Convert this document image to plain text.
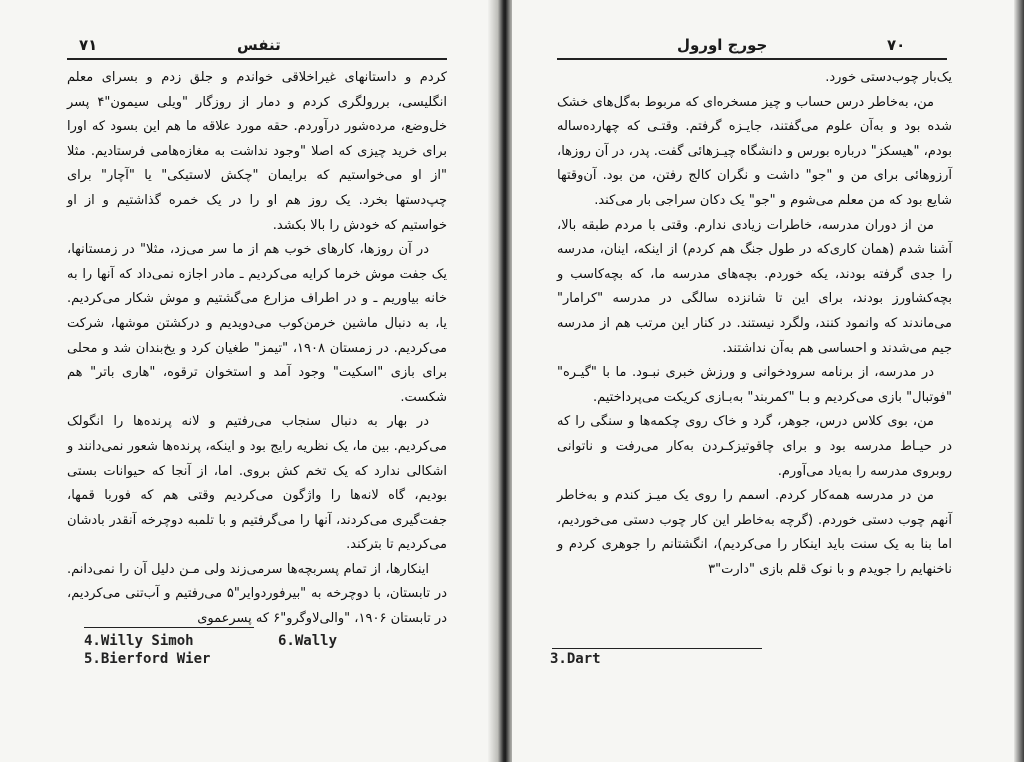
۷۱	تنفس

کردم و داستانهای غیراخلاقی خواندم و جلق زدم و بسرای معلم انگلیسی، بررولگری کردم و دمار از روزگار "ویلی سیمون"۴ پسر خل‌وضع، مرده‌شور درآوردم. حقه مورد علاقه ما هم این بسود که اورا برای خرید چیزی که اصلا "وجود نداشت به مغازه‌هامی فرستادیم. مثلا "از او می‌خواستیم که برایمان "چکش لاستیکی" یا "آچار" برای چپ‌دستها بخرد. یک روز هم او را در یک خمره گذاشتیم و از او خواستیم که خودش را بالا بکشد.

در آن روزها، کارهای خوب هم از ما سر می‌زد، مثلا" در زمستانها، یک جفت موش خرما کرایه می‌کردیم ـ مادر اجازه نمی‌داد که آنها را به خانه بیاوریم ـ و در اطراف مزارع می‌گشتیم و موش شکار می‌کردیم. یا، به دنبال ماشین خرمن‌کوب می‌دویدیم و درکشتن موشها، شرکت می‌کردیم. در زمستان ۱۹۰۸، "تیمز" طغیان کرد و یخ‌بندان شد و محلی برای بازی "اسکیت" وجود آمد و استخوان ترقوه، "هاری باتر" هم شکست.

در بهار به دنبال سنجاب می‌رفتیم و لانه پرنده‌ها را انگولک می‌کردیم. بین ما، یک نظریه رایج بود و اینکه، پرنده‌ها شعور نمی‌دانند و اشکالی ندارد که یک تخم کش بروی. اما، از آنجا که حیوانات بستی بودیم، گاه لانه‌ها را واژگون می‌کردیم وقتی هم که فوربا قمها، جفت‌گیری می‌کردند، آنها را می‌گرفتیم و با تلمبه دوچرخه آنقدر بادشان می‌کردیم تا بترکند.

اینکارها، از تمام پسربچه‌ها سرمی‌زند ولی مـن دلیل آن را نمی‌دانم. در تابستان، با دوچرخه به "بیرفوردوایر"۵ می‌رفتیم و آب‌تنی می‌کردیم، در تابستان ۱۹۰۶، "والی‌لاوگرو"۶ که پسرعموی

4.Willy Simoh	6.Wally
5.Bierford Wier
جورج اورول	۷۰

یک‌بار چوب‌دستی خورد.

من، به‌خاطر درس حساب و چیز مسخره‌ای که مربوط به‌گل‌های خشک شده بود و به‌آن علوم می‌گفتند، جایـزه گرفتم. وقتـی که چهارده‌ساله بودم، "هیسکز" درباره بورس و دانشگاه چیـزهائی گفت. پدر، در آن روزها، آرزوهائی برای من و "جو" داشت و نگران کالج رفتن، من بود. آن‌وقتها شایع بود که من معلم می‌شوم و "جو" یک دکان سراجی بار می‌کند.

من از دوران مدرسه، خاطرات زیادی ندارم. وقتی با مردم طبقه بالا، آشنا شدم (همان کاری‌که در طول جنگ هم کردم) از اینکه، اینان، مدرسه را جدی گرفته بودند، یکه خوردم. بچه‌های مدرسه ما، که بچه‌کاسب و بچه‌کشاورز بودند، برای این تا شانزده سالگی در مدرسه "کرامار" می‌ماندند که وانمود کنند، ولگرد نیستند. در کنار این مرتب هم از مدرسه جیم می‌شدند و احساسی هم به‌آن نداشتند.

در مدرسه، از برنامه سرودخوانی و ورزش خبری نبـود. ما با "گیـره" "فوتبال" بازی می‌کردیم و بـا "کمربند" به‌بـازی کریکت می‌پرداختیم.

من، بوی کلاس درس، جوهر، گرد و خاک روی چکمه‌ها و سنگی را که در حیـاط مدرسه بود و برای چاقوتیزکـردن به‌کار می‌رفت و ناتوانی روبروی مدرسه را به‌یاد می‌آورم.

من در مدرسه همه‌کار کردم. اسمم را روی یک میـز کندم و به‌خاطر آنهم چوب دستی خوردم. (گرچه به‌خاطر این کار چوب دستی می‌خوردیم، اما بنا به یک سنت باید اینکار را می‌کردیم)، انگشتانم را جوهری کردم و ناخنهایم را جویدم و با نوک قلم بازی "دارت"۳

3.Dart
